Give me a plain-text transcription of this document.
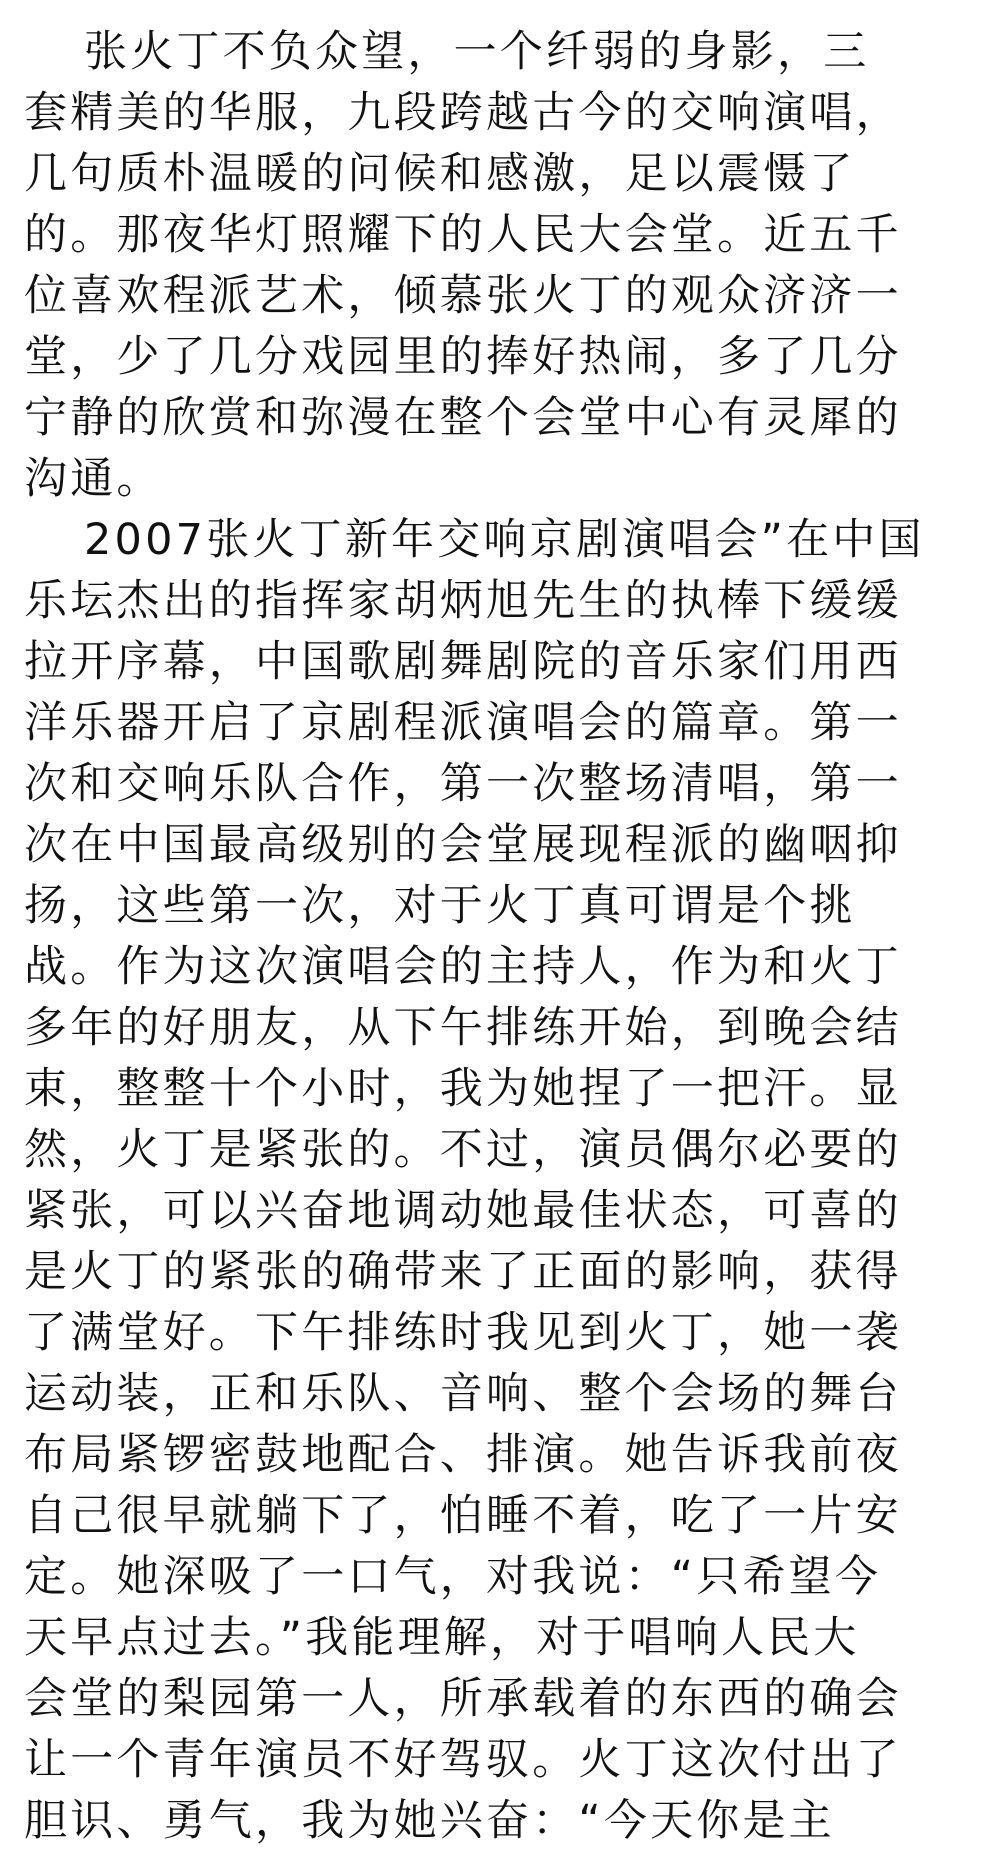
张火丁不负众望，一个纤弱的身影，三
套精美的华服，九段跨越古今的交响演唱，
几句质朴温暖的问候和感激，足以震慑了
的。那夜华灯照耀下的人民大会堂。近五千
位喜欢程派艺术，倾慕张火丁的观众济济一
堂，少了几分戏园里的捧好热闹，多了几分
宁静的欣赏和弥漫在整个会堂中心有灵犀的
沟通。
2007张火丁新年交响京剧演唱会”在中国
乐坛杰出的指挥家胡炳旭先生的执棒下缓缓
拉开序幕，中国歌剧舞剧院的音乐家们用西
洋乐器开启了京剧程派演唱会的篇章。第一
次和交响乐队合作，第一次整场清唱，第一
次在中国最高级别的会堂展现程派的幽咽抑
扬，这些第一次，对于火丁真可谓是个挑
战。作为这次演唱会的主持人，作为和火丁
多年的好朋友，从下午排练开始，到晚会结
束，整整十个小时，我为她捏了一把汗。显
然，火丁是紧张的。不过，演员偶尔必要的
紧张，可以兴奋地调动她最佳状态，可喜的
是火丁的紧张的确带来了正面的影响，获得
了满堂好。下午排练时我见到火丁，她一袭
运动装，正和乐队、音响、整个会场的舞台
布局紧锣密鼓地配合、排演。她告诉我前夜
自己很早就躺下了，怕睡不着，吃了一片安
定。她深吸了一口气，对我说：“只希望今
天早点过去。”我能理解，对于唱响人民大
会堂的梨园第一人，所承载着的东西的确会
让一个青年演员不好驾驭。火丁这次付出了
胆识、勇气，我为她兴奋：“今天你是主
